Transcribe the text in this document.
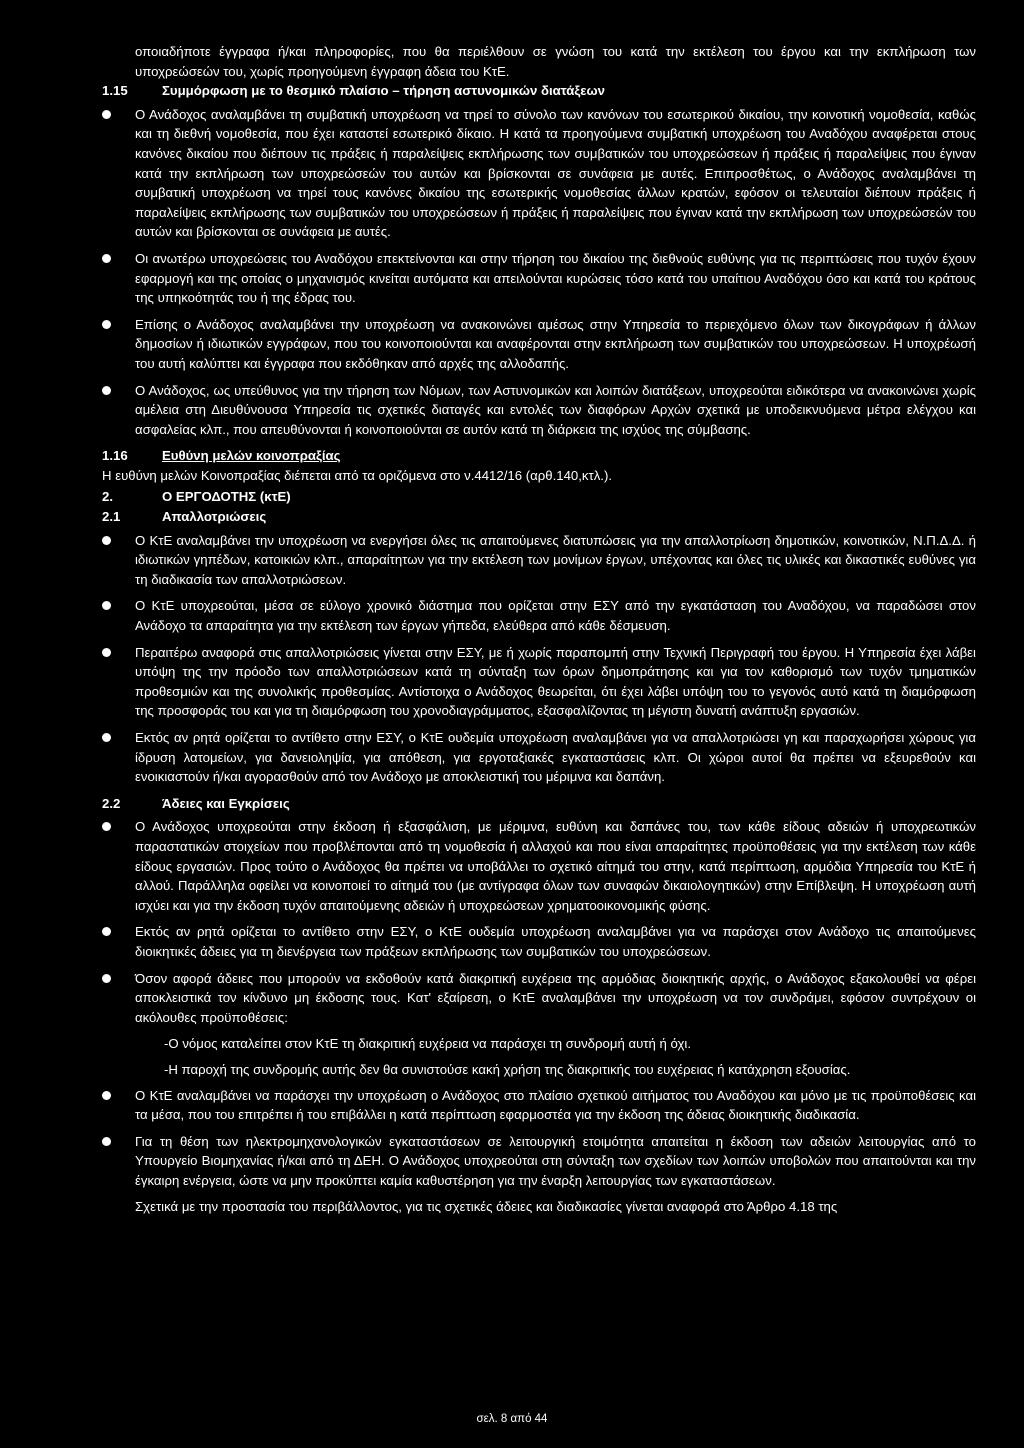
οποιαδήποτε έγγραφα ή/και πληροφορίες, που θα περιέλθουν σε γνώση του κατά την εκτέλεση του έργου και την εκπλήρωση των υποχρεώσεών του, χωρίς προηγούμενη έγγραφη άδεια του ΚτΕ.

1.15	Συμμόρφωση με το θεσμικό πλαίσιο – τήρηση αστυνομικών διατάξεων
Ο Ανάδοχος αναλαμβάνει τη συμβατική υποχρέωση να τηρεί το σύνολο των κανόνων του εσωτερικού δικαίου, την κοινοτική νομοθεσία, καθώς και τη διεθνή νομοθεσία, που έχει καταστεί εσωτερικό δίκαιο. Η κατά τα προηγούμενα συμβατική υποχρέωση του Αναδόχου αναφέρεται στους κανόνες δικαίου που διέπουν τις πράξεις ή παραλείψεις εκπλήρωσης των συμβατικών του υποχρεώσεων ή πράξεις ή παραλείψεις που έγιναν κατά την εκπλήρωση των υποχρεώσεών του αυτών και βρίσκονται σε συνάφεια με αυτές. Επιπροσθέτως, ο Ανάδοχος αναλαμβάνει τη συμβατική υποχρέωση να τηρεί τους κανόνες δικαίου της εσωτερικής νομοθεσίας άλλων κρατών, εφόσον οι τελευταίοι διέπουν πράξεις ή παραλείψεις εκπλήρωσης των συμβατικών του υποχρεώσεων ή πράξεις ή παραλείψεις που έγιναν κατά την εκπλήρωση των υποχρεώσεών του αυτών και βρίσκονται σε συνάφεια με αυτές.
Οι ανωτέρω υποχρεώσεις του Αναδόχου επεκτείνονται και στην τήρηση του δικαίου της διεθνούς ευθύνης για τις περιπτώσεις που τυχόν έχουν εφαρμογή και της οποίας ο μηχανισμός κινείται αυτόματα και απειλούνται κυρώσεις τόσο κατά του υπαίτιου Αναδόχου όσο και κατά του κράτους της υπηκοότητάς του ή της έδρας του.
Επίσης ο Ανάδοχος αναλαμβάνει την υποχρέωση να ανακοινώνει αμέσως στην Υπηρεσία το περιεχόμενο όλων των δικογράφων ή άλλων δημοσίων ή ιδιωτικών εγγράφων, που του κοινοποιούνται και αναφέρονται στην εκπλήρωση των συμβατικών του υποχρεώσεων. Η υποχρέωσή του αυτή καλύπτει και έγγραφα που εκδόθηκαν από αρχές της αλλοδαπής.
Ο Ανάδοχος, ως υπεύθυνος για την τήρηση των Νόμων, των Αστυνομικών και λοιπών διατάξεων, υποχρεούται ειδικότερα να ανακοινώνει χωρίς αμέλεια στη Διευθύνουσα Υπηρεσία τις σχετικές διαταγές και εντολές των διαφόρων Αρχών σχετικά με υποδεικνυόμενα μέτρα ελέγχου και ασφαλείας κλπ., που απευθύνονται ή κοινοποιούνται σε αυτόν κατά τη διάρκεια της ισχύος της σύμβασης.
1.16	Ευθύνη μελών κοινοπραξίας

Η ευθύνη μελών Κοινοπραξίας διέπεται από τα οριζόμενα στο ν.4412/16 (αρθ.140,κτλ.).

2.	Ο ΕΡΓΟΔΟΤΗΣ (κτΕ)
2.1	Απαλλοτριώσεις
Ο ΚτΕ αναλαμβάνει την υποχρέωση να ενεργήσει όλες τις απαιτούμενες διατυπώσεις για την απαλλοτρίωση δημοτικών, κοινοτικών, Ν.Π.Δ.Δ. ή ιδιωτικών γηπέδων, κατοικιών κλπ., απαραίτητων για την εκτέλεση των μονίμων έργων, υπέχοντας και όλες τις υλικές και δικαστικές ευθύνες για τη διαδικασία των απαλλοτριώσεων.
Ο ΚτΕ υποχρεούται, μέσα σε εύλογο χρονικό διάστημα που ορίζεται στην ΕΣΥ από την εγκατάσταση του Αναδόχου, να παραδώσει στον Ανάδοχο τα απαραίτητα για την εκτέλεση των έργων γήπεδα, ελεύθερα από κάθε δέσμευση.
Περαιτέρω αναφορά στις απαλλοτριώσεις γίνεται στην ΕΣΥ, με ή χωρίς παραπομπή στην Τεχνική Περιγραφή του έργου. Η Υπηρεσία έχει λάβει υπόψη της την πρόοδο των απαλλοτριώσεων κατά τη σύνταξη των όρων δημοπράτησης και για τον καθορισμό των τυχόν τμηματικών προθεσμιών και της συνολικής προθεσμίας. Αντίστοιχα ο Ανάδοχος θεωρείται, ότι έχει λάβει υπόψη του το γεγονός αυτό κατά τη διαμόρφωση της προσφοράς του και για τη διαμόρφωση του χρονοδιαγράμματος, εξασφαλίζοντας τη μέγιστη δυνατή ανάπτυξη εργασιών.
Εκτός αν ρητά ορίζεται το αντίθετο στην ΕΣΥ, ο ΚτΕ ουδεμία υποχρέωση αναλαμβάνει για να απαλλοτριώσει γη και παραχωρήσει χώρους για ίδρυση λατομείων, για δανειοληψία, για απόθεση, για εργοταξιακές εγκαταστάσεις κλπ. Οι χώροι αυτοί θα πρέπει να εξευρεθούν και ενοικιαστούν ή/και αγορασθούν από τον Ανάδοχο με αποκλειστική του μέριμνα και δαπάνη.
2.2	Άδειες και Εγκρίσεις
Ο Ανάδοχος υποχρεούται στην έκδοση ή εξασφάλιση, με μέριμνα, ευθύνη και δαπάνες του, των κάθε είδους αδειών ή υποχρεωτικών παραστατικών στοιχείων που προβλέπονται από τη νομοθεσία ή αλλαχού και που είναι απαραίτητες προϋποθέσεις για την εκτέλεση των κάθε είδους εργασιών. Προς τούτο ο Ανάδοχος θα πρέπει να υποβάλλει το σχετικό αίτημά του στην, κατά περίπτωση, αρμόδια Υπηρεσία του ΚτΕ ή αλλού. Παράλληλα οφείλει να κοινοποιεί το αίτημά του (με αντίγραφα όλων των συναφών δικαιολογητικών) στην Επίβλεψη. Η υποχρέωση αυτή ισχύει και για την έκδοση τυχόν απαιτούμενης αδειών ή υποχρεώσεων χρηματοοικονομικής φύσης.
Εκτός αν ρητά ορίζεται το αντίθετο στην ΕΣΥ, ο ΚτΕ ουδεμία υποχρέωση αναλαμβάνει για να παράσχει στον Ανάδοχο τις απαιτούμενες διοικητικές άδειες για τη διενέργεια των πράξεων εκπλήρωσης των συμβατικών του υποχρεώσεων.
Όσον αφορά άδειες που μπορούν να εκδοθούν κατά διακριτική ευχέρεια της αρμόδιας διοικητικής αρχής, ο Ανάδοχος εξακολουθεί να φέρει αποκλειστικά τον κίνδυνο μη έκδοσης τους. Κατ' εξαίρεση, ο ΚτΕ αναλαμβάνει την υποχρέωση να τον συνδράμει, εφόσον συντρέχουν οι ακόλουθες προϋποθέσεις:

-Ο νόμος καταλείπει στον ΚτΕ τη διακριτική ευχέρεια να παράσχει τη συνδρομή αυτή ή όχι.

-Η παροχή της συνδρομής αυτής δεν θα συνιστούσε κακή χρήση της διακριτικής του ευχέρειας ή κατάχρηση εξουσίας.

Ο ΚτΕ αναλαμβάνει να παράσχει την υποχρέωση ο Ανάδοχος στο πλαίσιο σχετικού αιτήματος του Αναδόχου και μόνο με τις προϋποθέσεις και τα μέσα, που του επιτρέπει ή του επιβάλλει η κατά περίπτωση εφαρμοστέα για την έκδοση της άδειας διοικητικής διαδικασία.
Για τη θέση των ηλεκτρομηχανολογικών εγκαταστάσεων σε λειτουργική ετοιμότητα απαιτείται η έκδοση των αδειών λειτουργίας από το Υπουργείο Βιομηχανίας ή/και από τη ΔΕΗ. Ο Ανάδοχος υποχρεούται στη σύνταξη των σχεδίων των λοιπών υποβολών που απαιτούνται και την έγκαιρη ενέργεια, ώστε να μην προκύπτει καμία καθυστέρηση για την έναρξη λειτουργίας των εγκαταστάσεων.

Σχετικά με την προστασία του περιβάλλοντος, για τις σχετικές άδειες και διαδικασίες γίνεται αναφορά στο Άρθρο 4.18 της

σελ. 8 από 44
